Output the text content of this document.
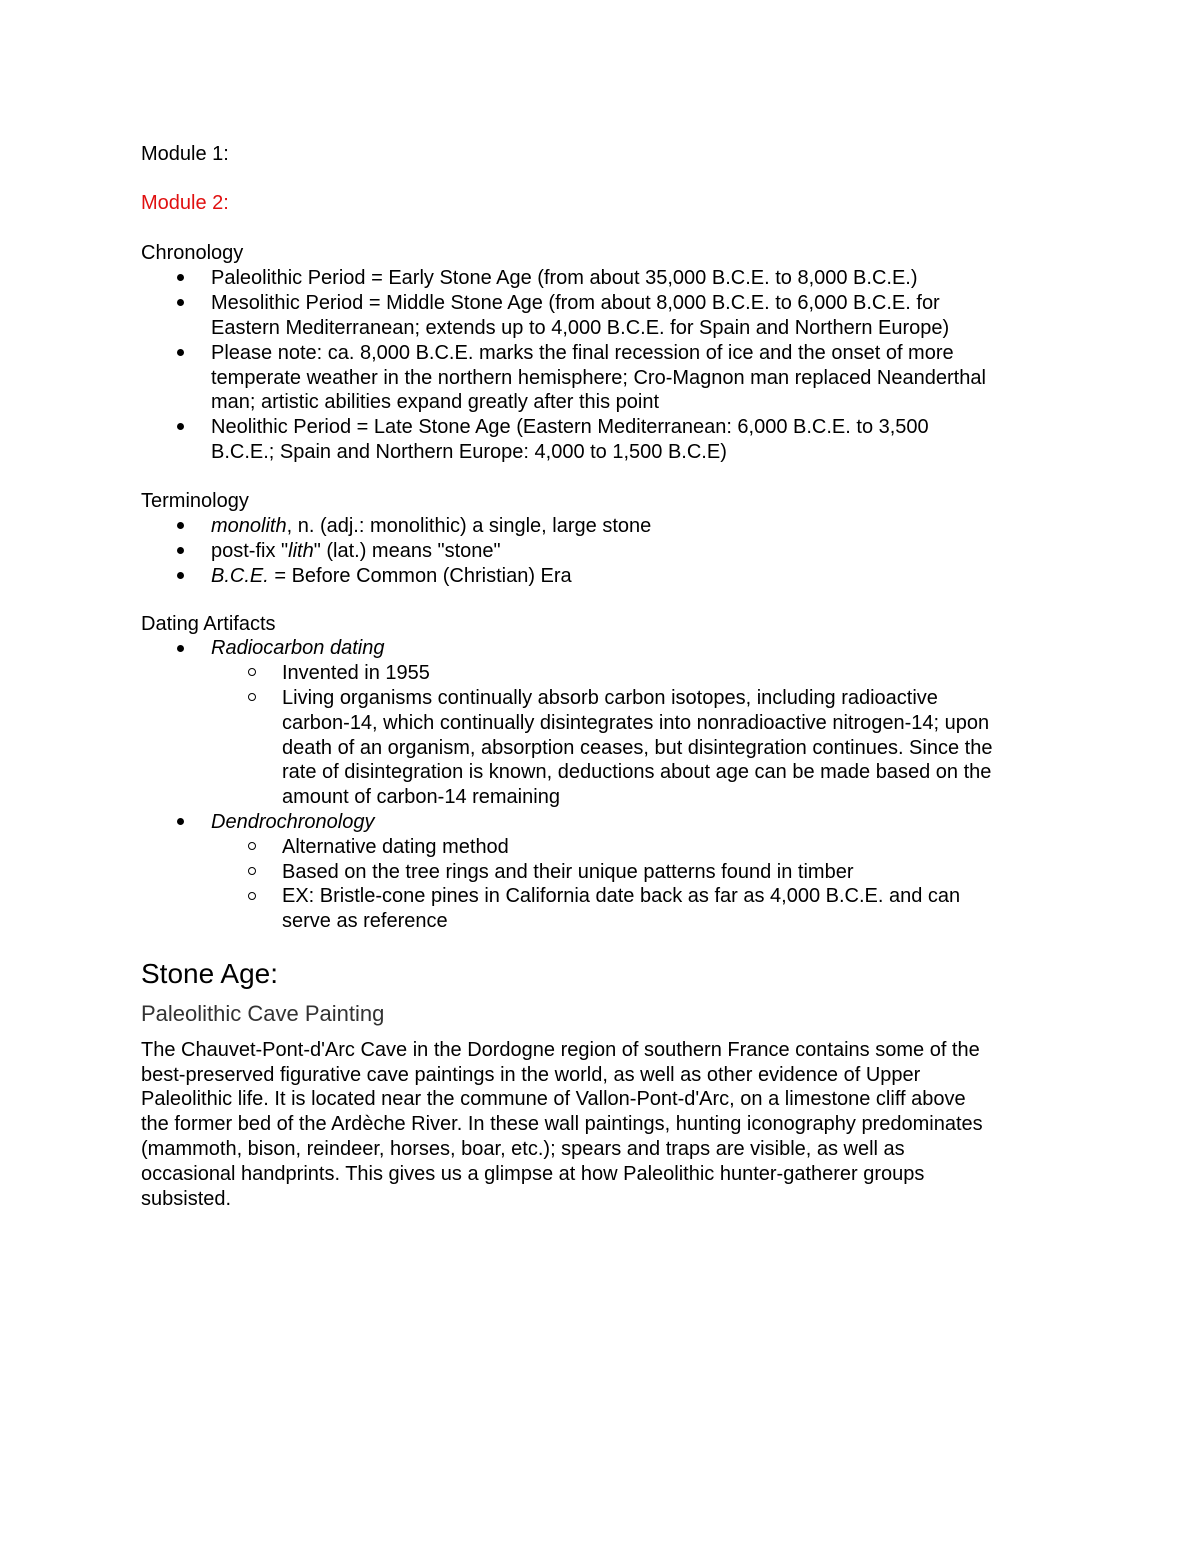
Module 1:
Module 2:
Chronology
Paleolithic Period = Early Stone Age (from about 35,000 B.C.E. to 8,000 B.C.E.)
Mesolithic Period = Middle Stone Age (from about 8,000 B.C.E. to 6,000 B.C.E. for
Eastern Mediterranean; extends up to 4,000 B.C.E. for Spain and Northern Europe)
Please note: ca. 8,000 B.C.E. marks the final recession of ice and the onset of more
temperate weather in the northern hemisphere; Cro-Magnon man replaced Neanderthal
man; artistic abilities expand greatly after this point
Neolithic Period = Late Stone Age (Eastern Mediterranean: 6,000 B.C.E. to 3,500
B.C.E.; Spain and Northern Europe: 4,000 to 1,500 B.C.E)
Terminology
monolith, n. (adj.: monolithic) a single, large stone
post-fix "lith" (lat.) means "stone"
B.C.E. = Before Common (Christian) Era
Dating Artifacts
Radiocarbon dating
Invented in 1955
Living organisms continually absorb carbon isotopes, including radioactive
carbon-14, which continually disintegrates into nonradioactive nitrogen-14; upon
death of an organism, absorption ceases, but disintegration continues. Since the
rate of disintegration is known, deductions about age can be made based on the
amount of carbon-14 remaining
Dendrochronology
Alternative dating method
Based on the tree rings and their unique patterns found in timber
EX: Bristle-cone pines in California date back as far as 4,000 B.C.E. and can
serve as reference
Stone Age:
Paleolithic Cave Painting
The Chauvet-Pont-d'Arc Cave in the Dordogne region of southern France contains some of the
best-preserved figurative cave paintings in the world, as well as other evidence of Upper
Paleolithic life. It is located near the commune of Vallon-Pont-d'Arc, on a limestone cliff above
the former bed of the Ardèche River. In these wall paintings, hunting iconography predominates
(mammoth, bison, reindeer, horses, boar, etc.); spears and traps are visible, as well as
occasional handprints. This gives us a glimpse at how Paleolithic hunter-gatherer groups
subsisted.
